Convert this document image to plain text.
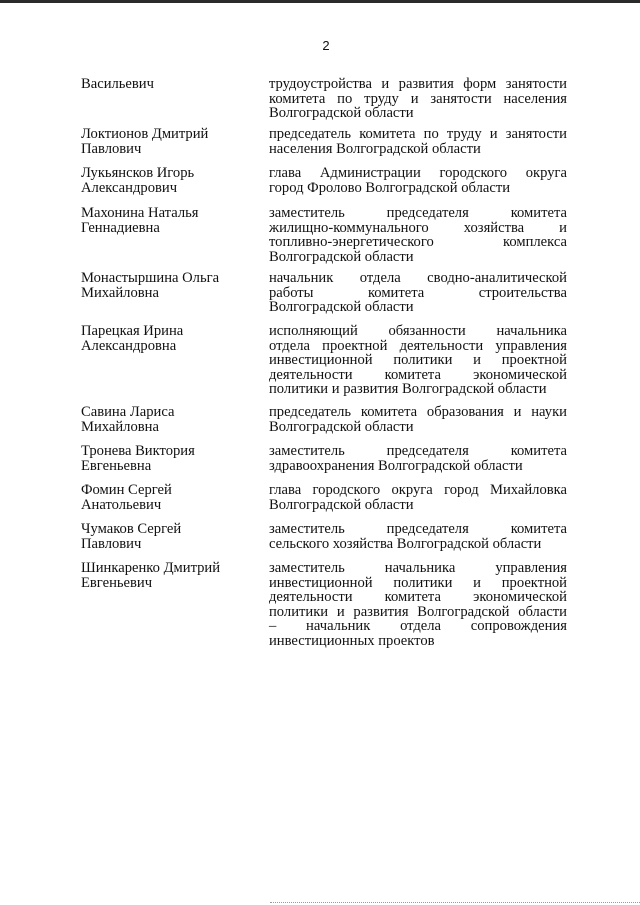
2
Васильевич	трудоустройства и развития форм занятости
комитета по труду и занятости населения
Волгоградской области
Локтионов Дмитрий
Павлович
председатель комитета по труду и занятости
населения Волгоградской области
Лукьянсков Игорь
Александрович
глава Администрации городского округа
город Фролово Волгоградской области
Махонина Наталья
Геннадиевна
заместитель председателя комитета
жилищно-коммунального хозяйства и
топливно-энергетического комплекса
Волгоградской области
Монастыршина Ольга
Михайловна
начальник отдела сводно-аналитической
работы комитета строительства
Волгоградской области
Парецкая Ирина
Александровна
исполняющий обязанности начальника
отдела проектной деятельности управления
инвестиционной политики и проектной
деятельности комитета экономической
политики и развития Волгоградской области
Савина Лариса
Михайловна
председатель комитета образования и науки
Волгоградской области
Тронева Виктория
Евгеньевна
заместитель председателя комитета
здравоохранения Волгоградской области
Фомин Сергей
Анатольевич
глава городского округа город Михайловка
Волгоградской области
Чумаков Сергей
Павлович
заместитель председателя комитета
сельского хозяйства Волгоградской области
Шинкаренко Дмитрий
Евгеньевич
заместитель начальника управления
инвестиционной политики и проектной
деятельности комитета экономической
политики и развития Волгоградской области
– начальник отдела сопровождения
инвестиционных проектов
